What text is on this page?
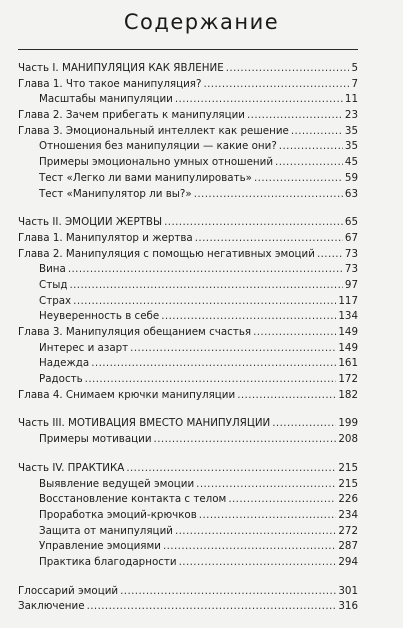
Содержание
Часть I. МАНИПУЛЯЦИЯ КАК ЯВЛЕНИЕ .....	5
Глава 1. Что такое манипуляция? .....	7
Масштабы манипуляции .....	11
Глава 2. Зачем прибегать к манипуляции .....	23
Глава 3. Эмоциональный интеллект как решение .....	35
Отношения без манипуляции — какие они? .....	35
Примеры эмоционально умных отношений .....	45
Тест «Легко ли вами манипулировать» .....	59
Тест «Манипулятор ли вы?» .....	63
Часть II. ЭМОЦИИ ЖЕРТВЫ .....	65
Глава 1. Манипулятор и жертва .....	67
Глава 2. Манипуляция с помощью негативных эмоций .....	73
Вина .....	73
Стыд .....	97
Страх .....	117
Неуверенность в себе .....	134
Глава 3. Манипуляция обещанием счастья .....	149
Интерес и азарт .....	149
Надежда .....	161
Радость .....	172
Глава 4. Снимаем крючки манипуляции .....	182
Часть III. МОТИВАЦИЯ ВМЕСТО МАНИПУЛЯЦИИ .....	199
Примеры мотивации .....	208
Часть IV. ПРАКТИКА .....	215
Выявление ведущей эмоции .....	215
Восстановление контакта с телом .....	226
Проработка эмоций-крючков .....	234
Защита от манипуляций .....	272
Управление эмоциями .....	287
Практика благодарности .....	294
Глоссарий эмоций .....	301
Заключение .....	316
